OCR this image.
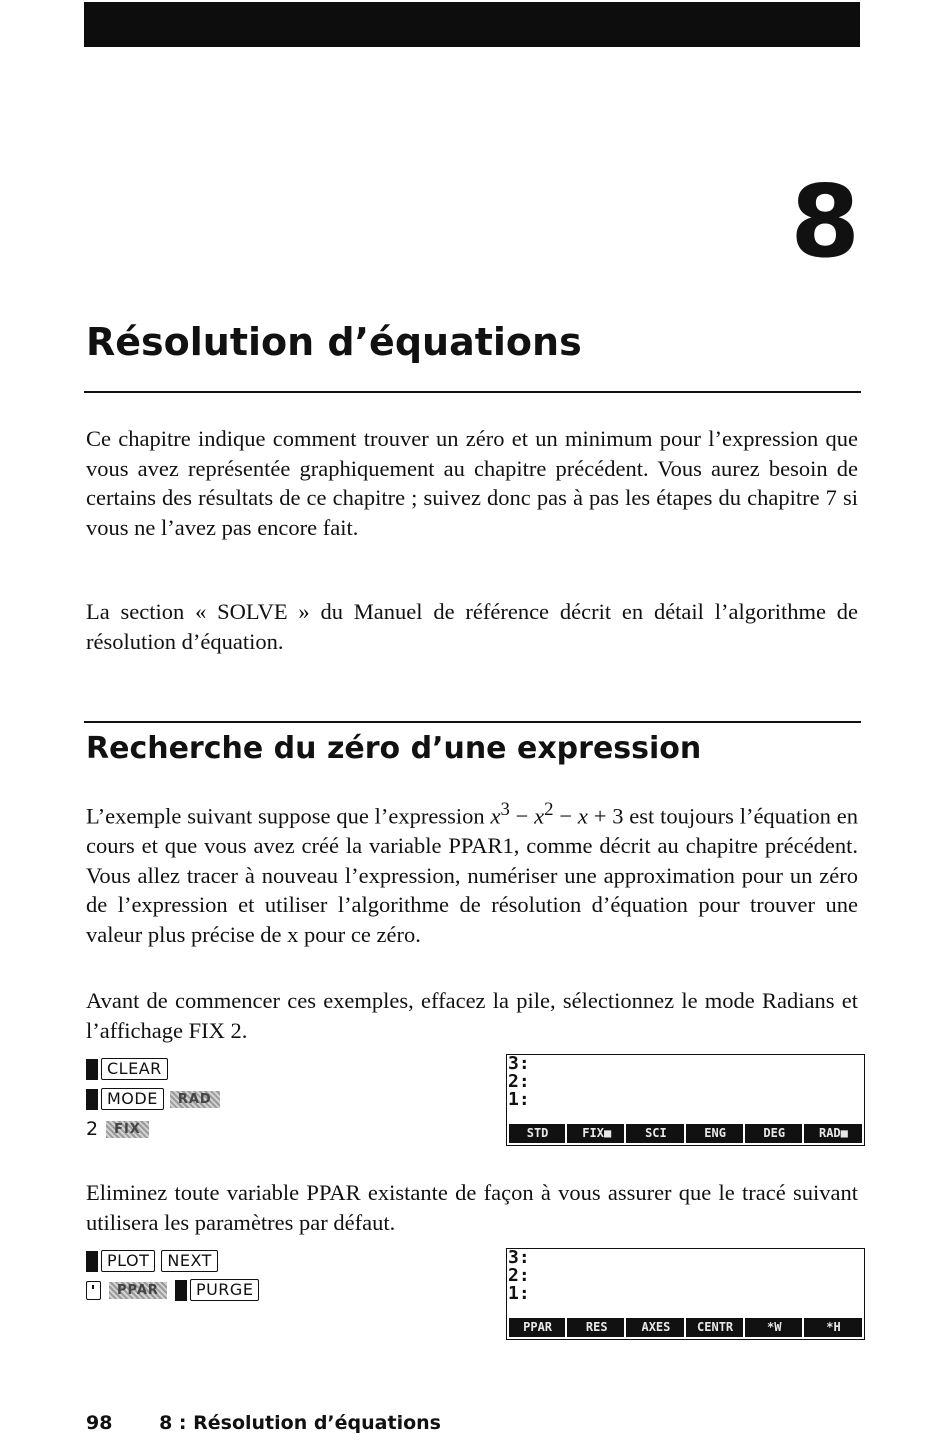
8
Résolution d’équations

Ce chapitre indique comment trouver un zéro et un minimum pour l’expression que vous avez représentée graphiquement au chapitre précédent. Vous aurez besoin de certains des résultats de ce chapitre ; suivez donc pas à pas les étapes du chapitre 7 si vous ne l’avez pas encore fait.

La section « SOLVE » du Manuel de référence décrit en détail l’algorithme de résolution d’équation.

Recherche du zéro d’une expression

L’exemple suivant suppose que l’expression $x^3 - x^2 - x + 3$ est toujours l’équation en cours et que vous avez créé la variable PPAR1, comme décrit au chapitre précédent. Vous allez tracer à nouveau l’expression, numériser une approximation pour un zéro de l’expression et utiliser l’algorithme de résolution d’équation pour trouver une valeur plus précise de x pour ce zéro.

Avant de commencer ces exemples, effacez la pile, sélectionnez le mode Radians et l’affichage FIX 2.

CLEAR
MODE	RAD
2	FIX
3:
2:
1:
STD	FIX■	SCI	ENG	DEG	RAD■

Eliminez toute variable PPAR existante de façon à vous assurer que le tracé suivant utilisera les paramètres par défaut.

PLOT	NEXT
PPAR	PURGE
3:
2:
1:
PPAR	RES	AXES	CENTR	*W	*H
98 8 : Résolution d’équations
